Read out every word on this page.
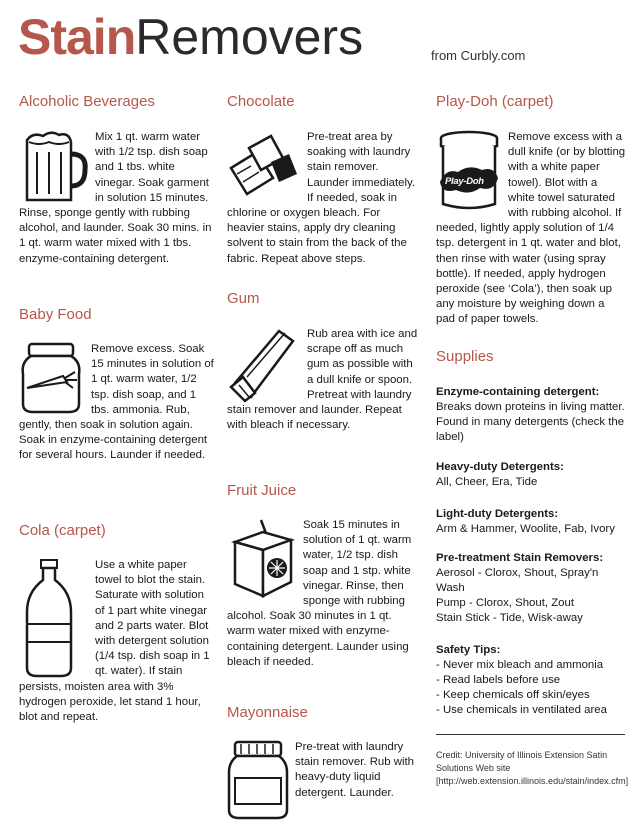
StainRemovers	from Curbly.com
Alcoholic Beverages
Mix 1 qt. warm water with 1/2 tsp. dish soap and 1 tbs. white vinegar. Soak garment in solution 15 minutes. Rinse, sponge gently with rubbing alcohol, and launder. Soak 30 mins. in 1 qt. warm water mixed with 1 tbs. enzyme-containing detergent.
Baby Food
Remove excess. Soak 15 minutes in solution of 1 qt. warm water, 1/2 tsp. dish soap, and 1 tbs. ammonia. Rub, gently, then soak in solution again. Soak in enzyme-containing detergent for several hours. Launder if needed.
Cola (carpet)
Use a white paper towel to blot the stain. Saturate with solution of 1 part white vinegar and 2 parts water. Blot with detergent solution (1/4 tsp. dish soap in 1 qt. water). If stain persists, moisten area with 3% hydrogen peroxide, let stand 1 hour, blot and repeat.
Chocolate
Pre-treat area by soaking with laundry stain remover. Launder immediately. If needed, soak in chlorine or oxygen bleach. For heavier stains, apply dry cleaning solvent to stain from the back of the fabric. Repeat above steps.
Gum
Rub area with ice and scrape off as much gum as possible with a dull knife or spoon. Pretreat with laundry stain remover and launder. Repeat with bleach if necessary.
Fruit Juice
Soak 15 minutes in solution of 1 qt. warm water, 1/2 tsp. dish soap and 1 stp. white vinegar. Rinse, then sponge with rubbing alcohol. Soak 30 minutes in 1 qt. warm water mixed with enzyme-containing detergent. Launder using bleach if needed.
Mayonnaise
Pre-treat with laundry stain remover. Rub with heavy-duty liquid detergent. Launder.
Play-Doh (carpet)
Play-Doh
Remove excess with a dull knife (or by blotting with a white paper towel). Blot with a white towel saturated with rubbing alcohol. If needed, lightly apply solution of 1/4 tsp. detergent in 1 qt. water and blot, then rinse with water (using spray bottle). If needed, apply hydrogen peroxide (see ‘Cola’), then soak up any moisture by weighing down a pad of paper towels.
Supplies
Enzyme-containing detergent:
Breaks down proteins in living matter. Found in many detergents (check the label)
Heavy-duty Detergents:
All, Cheer, Era, Tide
Light-duty Detergents:
Arm & Hammer, Woolite, Fab, Ivory
Pre-treatment Stain Removers:
Aerosol - Clorox, Shout, Spray'n Wash
Pump - Clorox, Shout, Zout
Stain Stick - Tide, Wisk-away
Safety Tips:
- Never mix bleach and ammonia
- Read labels before use
- Keep chemicals off skin/eyes
- Use chemicals in ventilated area
Credit: University of Illinois Extension Satin Solutions Web site [http://web.extension.illinois.edu/stain/index.cfm]
